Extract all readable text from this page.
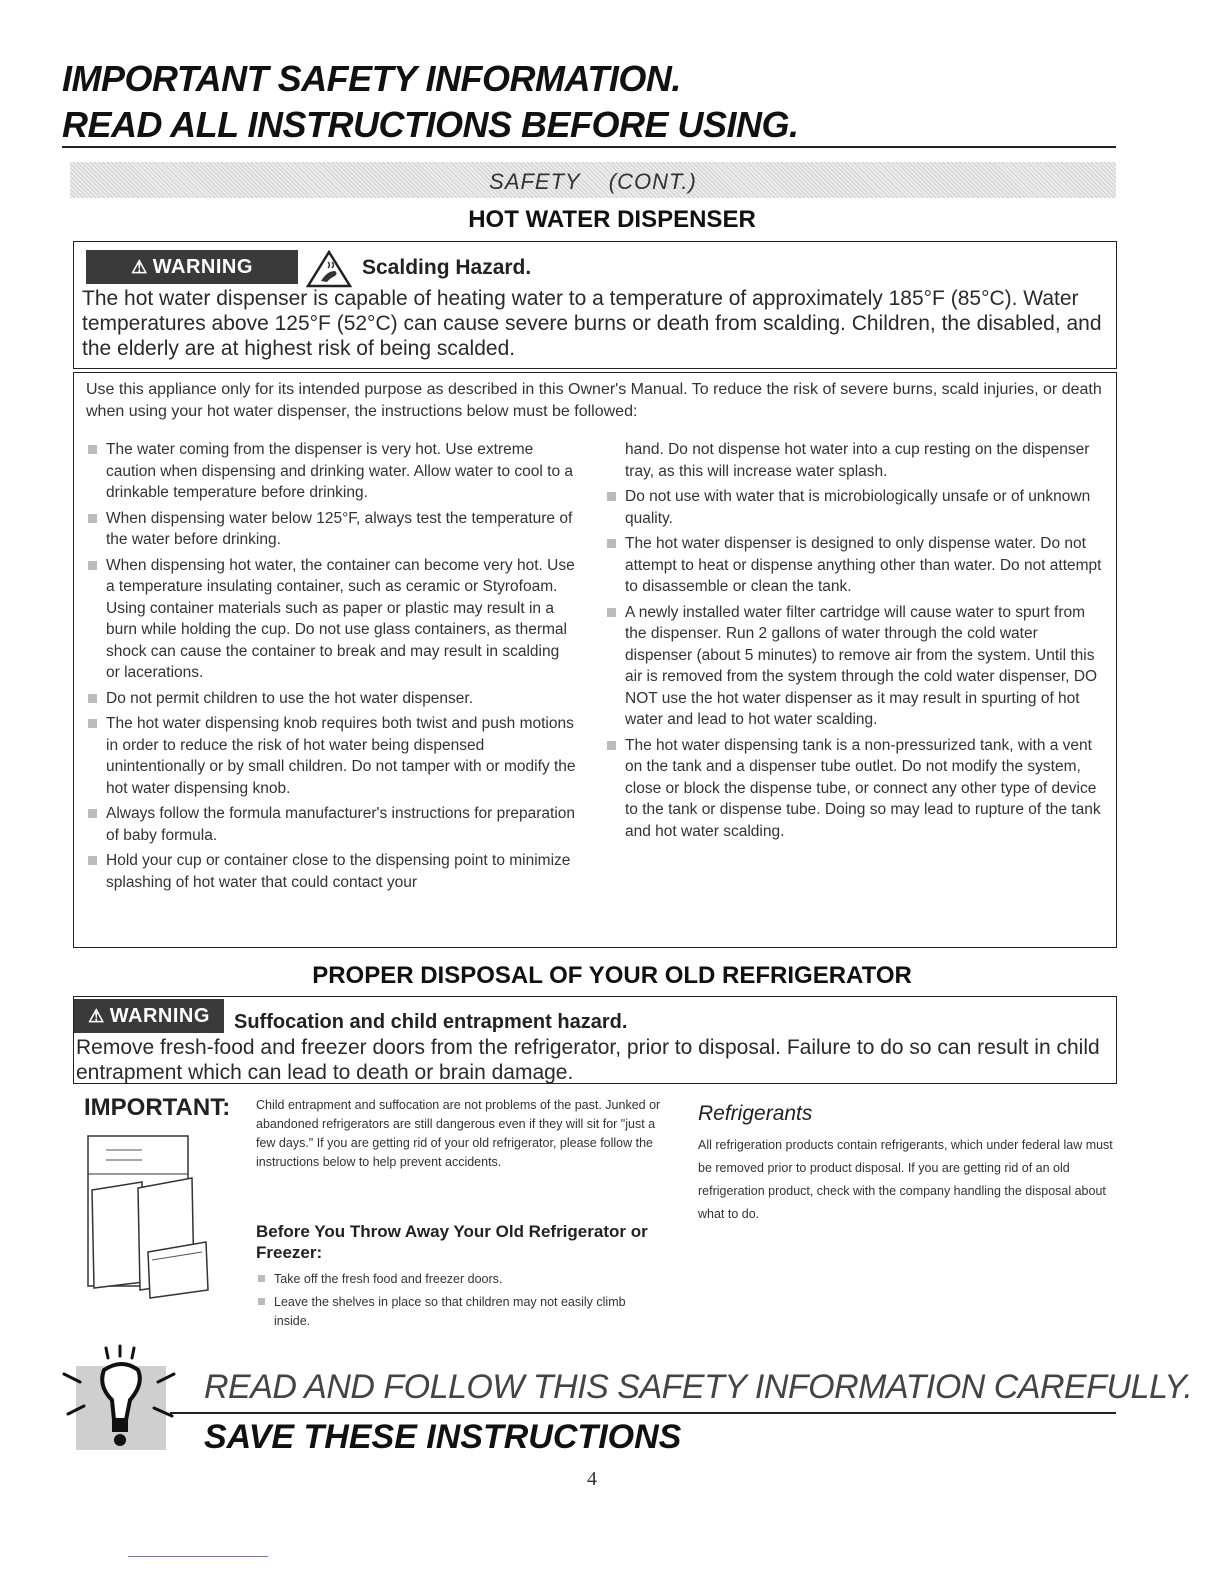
IMPORTANT SAFETY INFORMATION.
READ ALL INSTRUCTIONS BEFORE USING.
SAFETY    (CONT.)
HOT WATER DISPENSER
⚠ WARNING	Scalding Hazard.
The hot water dispenser is capable of heating water to a temperature of approximately 185°F (85°C). Water temperatures above 125°F (52°C) can cause severe burns or death from scalding. Children, the disabled, and the elderly are at highest risk of being scalded.
Use this appliance only for its intended purpose as described in this Owner's Manual. To reduce the risk of severe burns, scald injuries, or death when using your hot water dispenser, the instructions below must be followed:
The water coming from the dispenser is very hot. Use extreme caution when dispensing and drinking water. Allow water to cool to a drinkable temperature before drinking.
When dispensing water below 125°F, always test the temperature of the water before drinking.
When dispensing hot water, the container can become very hot. Use a temperature insulating container, such as ceramic or Styrofoam. Using container materials such as paper or plastic may result in a burn while holding the cup. Do not use glass containers, as thermal shock can cause the container to break and may result in scalding or lacerations.
Do not permit children to use the hot water dispenser.
The hot water dispensing knob requires both twist and push motions in order to reduce the risk of hot water being dispensed unintentionally or by small children. Do not tamper with or modify the hot water dispensing knob.
Always follow the formula manufacturer's instructions for preparation of baby formula.
Hold your cup or container close to the dispensing point to minimize splashing of hot water that could contact your
hand. Do not dispense hot water into a cup resting on the dispenser tray, as this will increase water splash.
Do not use with water that is microbiologically unsafe or of unknown quality.
The hot water dispenser is designed to only dispense water. Do not attempt to heat or dispense anything other than water. Do not attempt to disassemble or clean the tank.
A newly installed water filter cartridge will cause water to spurt from the dispenser. Run 2 gallons of water through the cold water dispenser (about 5 minutes) to remove air from the system. Until this air is removed from the system through the cold water dispenser, DO NOT use the hot water dispenser as it may result in spurting of hot water and lead to hot water scalding.
The hot water dispensing tank is a non-pressurized tank, with a vent on the tank and a dispenser tube outlet. Do not modify the system, close or block the dispense tube, or connect any other type of device to the tank or dispense tube. Doing so may lead to rupture of the tank and hot water scalding.
PROPER DISPOSAL OF YOUR OLD REFRIGERATOR
⚠ WARNING Suffocation and child entrapment hazard.
Remove fresh-food and freezer doors from the refrigerator, prior to disposal. Failure to do so can result in child entrapment which can lead to death or brain damage.
IMPORTANT: Child entrapment and suffocation are not problems of the past. Junked or abandoned refrigerators are still dangerous even if they will sit for "just a few days." If you are getting rid of your old refrigerator, please follow the instructions below to help prevent accidents.
Before You Throw Away Your Old Refrigerator or Freezer:
Take off the fresh food and freezer doors.
Leave the shelves in place so that children may not easily climb inside.
Refrigerants
All refrigeration products contain refrigerants, which under federal law must be removed prior to product disposal. If you are getting rid of an old refrigeration product, check with the company handling the disposal about what to do.
READ AND FOLLOW THIS SAFETY INFORMATION CAREFULLY.
SAVE THESE INSTRUCTIONS
4
